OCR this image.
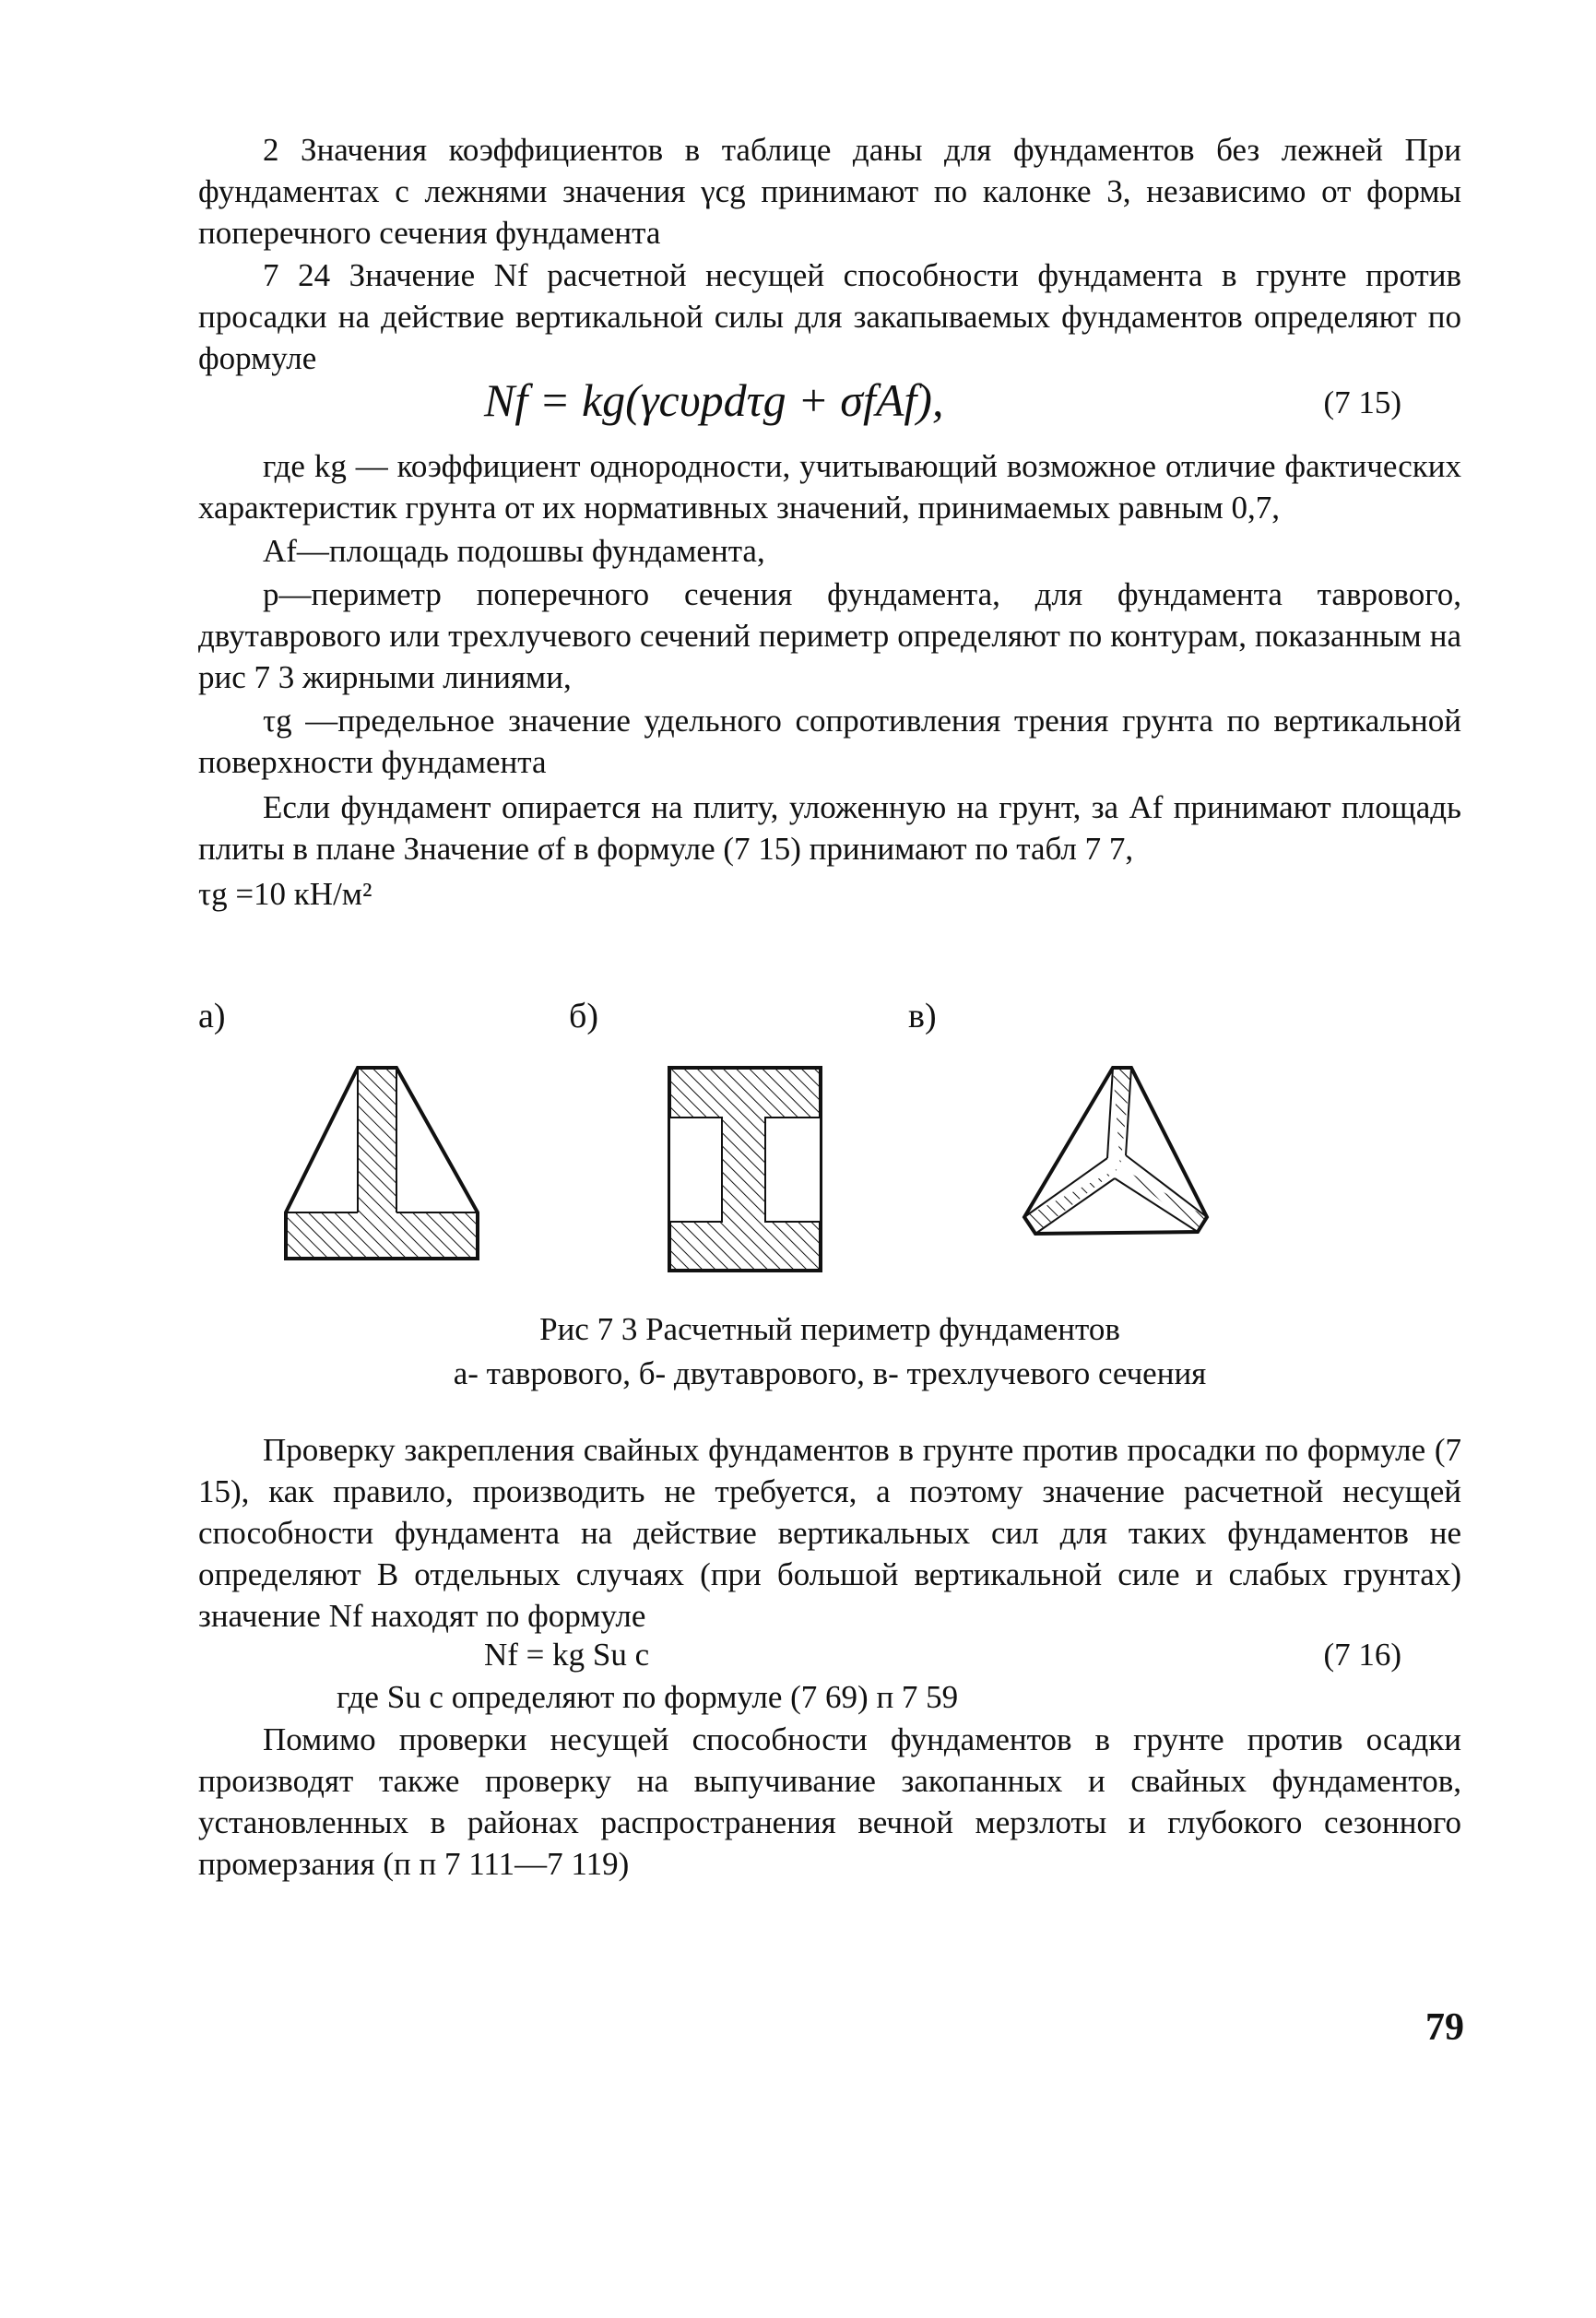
2 Значения коэффициентов в таблице даны для фундаментов без лежней При фундаментах с лежнями значения γcg принимают по калонке 3, независимо от формы поперечного сечения фундамента

7 24 Значение Nf расчетной несущей способности фундамента в грунте против просадки на действие вертикальной силы для закапываемых фундаментов определяют по формуле

Nf = kg(γcυpdτg + σfAf),	(7 15)

где kg — коэффициент однородности, учитывающий возможное отличие фактических характеристик грунта от их нормативных значений, принимаемых равным 0,7,

Af—площадь подошвы фундамента,

p—периметр поперечного сечения фундамента, для фундамента таврового, двутаврового или трехлучевого сечений периметр определяют по контурам, показанным на рис 7 3 жирными линиями,

τg —предельное значение удельного сопротивления трения грунта по вертикальной поверхности фундамента

Если фундамент опирается на плиту, уложенную на грунт, за Af принимают площадь плиты в плане Значение σf в формуле (7 15) принимают по табл 7 7,

τg =10 кН/м²

а)	б)	в)
Рис 7 3 Расчетный периметр фундаментов
а- таврового, б- двутаврового, в- трехлучевого сечения

Проверку закрепления свайных фундаментов в грунте против просадки по формуле (7 15), как правило, производить не требуется, а поэтому значение расчетной несущей способности фундамента на действие вертикальных сил для таких фундаментов не определяют В отдельных случаях (при большой вертикальной силе и слабых грунтах) значение Nf находят по формуле

Nf = kg Su c	(7 16)

где Su c определяют по формуле (7 69) п 7 59

Помимо проверки несущей способности фундаментов в грунте против осадки производят также проверку на выпучивание закопанных и свайных фундаментов, установленных в районах распространения вечной мерзлоты и глубокого сезонного промерзания (п п 7 111—7 119)

79
